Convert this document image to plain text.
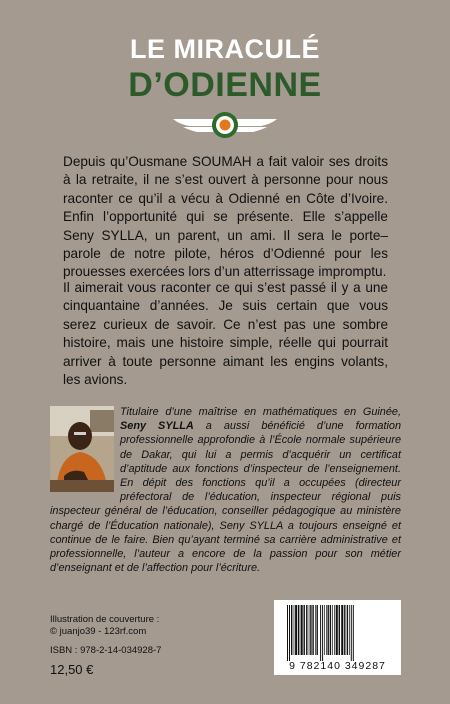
LE MIRACULÉ
D’ODIENNE

Depuis qu’Ousmane SOUMAH a fait valoir ses droits à la retraite, il ne s’est ouvert à personne pour nous raconter ce qu’il a vécu à Odienné en Côte d’Ivoire. Enfin l’opportunité qui se présente. Elle s’appelle Seny SYLLA, un parent, un ami. Il sera le porte–parole de notre pilote, héros d’Odienné pour les prouesses exercées lors d’un atterrissage impromptu.

Il aimerait vous raconter ce qui s’est passé il y a une cinquantaine d’années. Je suis certain que vous serez curieux de savoir. Ce n’est pas une sombre histoire, mais une histoire simple, réelle qui pourrait arriver à toute personne aimant les engins volants, les avions.

Titulaire d’une maîtrise en mathématiques en Guinée, Seny SYLLA a aussi bénéficié d’une formation professionnelle approfondie à l’École normale supérieure de Dakar, qui lui a permis d’acquérir un certificat d’aptitude aux fonctions d’inspecteur de l’enseignement. En dépit des fonctions qu’il a occupées (directeur préfectoral de l’éducation, inspecteur régional puis inspecteur général de l’éducation, conseiller pédagogique au ministère chargé de l’Éducation nationale), Seny SYLLA a toujours enseigné et continue de le faire. Bien qu’ayant terminé sa carrière administrative et professionnelle, l’auteur a encore de la passion pour son métier d’enseignant et de l’affection pour l’écriture.

Illustration de couverture :
© juanjo39 - 123rf.com
ISBN : 978-2-14-034928-7
12,50 €	9 782140 349287
